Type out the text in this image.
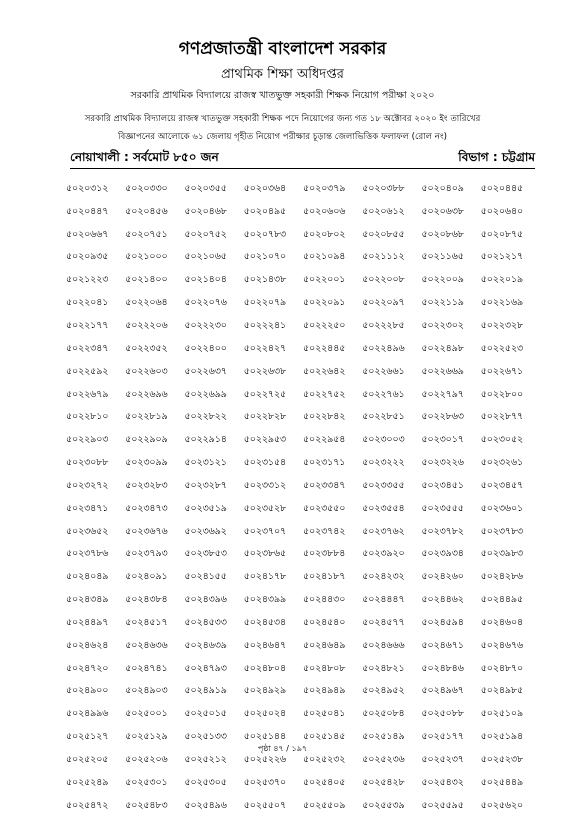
গণপ্রজাতন্ত্রী বাংলাদেশ সরকার
প্রাথমিক শিক্ষা অধিদপ্তর
সরকারি প্রাথমিক বিদ্যালয়ে রাজস্ব খাতভুক্ত সহকারী শিক্ষক নিয়োগ পরীক্ষা ২০২০
সরকারি প্রাথমিক বিদ্যালয়ে রাজস্ব খাতভুক্ত সহকারী শিক্ষক পদে নিয়োগের জন্য গত ১৮ অক্টোবর ২০২০ ইং তারিখের
বিজ্ঞাপনের আলোকে ৬১ জেলায় গৃহীত নিয়োগ পরীক্ষার চূড়ান্ত জেলাভিত্তিক ফলাফল (রোল নং)
নোয়াখালী : সর্বমোট ৮৫০ জন	বিভাগ : চট্টগ্রাম
৫০২০৩১২	৫০২০৩৩০	৫০২০৩৫৫	৫০২০৩৬৪	৫০২০৩৭৯	৫০২০৩৮৮	৫০২০৪০৯	৫০২০৪৪৫
৫০২০৪৪৭	৫০২০৪৫৬	৫০২০৪৬৮	৫০২০৪৯৫	৫০২০৬০৬	৫০২০৬১২	৫০২০৬৩৮	৫০২০৬৪০
৫০২০৬৬৭	৫০২০৭৫১	৫০২০৭৫২	৫০২০৭৮৩	৫০২০৮০২	৫০২০৮৫৫	৫০২০৮৬৮	৫০২০৮৭৫
৫০২০৯৩৫	৫০২১০০০	৫০২১০৬৫	৫০২১০৭০	৫০২১০৯৪	৫০২১১১২	৫০২১১৬৫	৫০২১২১৭
৫০২১২২৩	৫০২১৪০০	৫০২১৪০৪	৫০২১৪৩৮	৫০২২০০১	৫০২২০০৮	৫০২২০০৯	৫০২২০১৯
৫০২২০৪১	৫০২২০৬৪	৫০২২০৭৬	৫০২২০৭৯	৫০২২০৯১	৫০২২০৯৭	৫০২২১১৯	৫০২২১৬৯
৫০২২১৭৭	৫০২২২০৬	৫০২২২৩০	৫০২২২৪১	৫০২২২৫০	৫০২২২৮৫	৫০২২৩০২	৫০২২৩২৮
৫০২২৩৪৭	৫০২২৩৫২	৫০২২৪০০	৫০২২৪২৭	৫০২২৪৪৫	৫০২২৪৯৬	৫০২২৪৯৮	৫০২২৫২৩
৫০২২৫৯২	৫০২২৬০৩	৫০২২৬৩৭	৫০২২৬৩৮	৫০২২৬৪২	৫০২২৬৬১	৫০২২৬৬৯	৫০২২৬৭১
৫০২২৬৭৯	৫০২২৬৯৬	৫০২২৬৯৯	৫০২২৭২৫	৫০২২৭৫২	৫০২২৭৬১	৫০২২৭৯৭	৫০২২৮০০
৫০২২৮১০	৫০২২৮১৯	৫০২২৮২২	৫০২২৮২৮	৫০২২৮৪২	৫০২২৮৫১	৫০২২৮৬৩	৫০২২৮৭৭
৫০২২৯০৩	৫০২২৯০৯	৫০২২৯১৪	৫০২২৯৫৩	৫০২২৯৫৪	৫০২৩০০৩	৫০২৩০১৭	৫০২৩০৫২
৫০২৩০৮৮	৫০২৩০৯৯	৫০২৩১২১	৫০২৩১৫৪	৫০২৩১৭১	৫০২৩২২২	৫০২৩২২৬	৫০২৩২৬১
৫০২৩২৭২	৫০২৩২৮৩	৫০২৩২৮৭	৫০২৩৩১২	৫০২৩৩৪৭	৫০২৩৩৫৫	৫০২৩৪৫১	৫০২৩৪৫৭
৫০২৩৪৭১	৫০২৩৪৭৩	৫০২৩৫১৯	৫০২৩৫২৮	৫০২৩৫৫০	৫০২৩৫৫৪	৫০২৩৫৫৫	৫০২৩৬০১
৫০২৩৬৫২	৫০২৩৬৭৬	৫০২৩৬৯২	৫০২৩৭০৭	৫০২৩৭৪২	৫০২৩৭৬২	৫০২৩৭৮২	৫০২৩৭৮৩
৫০২৩৭৮৬	৫০২৩৭৯৩	৫০২৩৮৫৩	৫০২৩৮৬৫	৫০২৩৮৮৪	৫০২৩৯২০	৫০২৩৯৩৪	৫০২৩৯৮৩
৫০২৪০৪৯	৫০২৪০৯১	৫০২৪১৫৫	৫০২৪১৭৮	৫০২৪১৮৭	৫০২৪২৩২	৫০২৪২৬০	৫০২৪২৮৬
৫০২৪৩৪৯	৫০২৪৩৮৪	৫০২৪৩৯৬	৫০২৪৩৯৯	৫০২৪৪৩০	৫০২৪৪৪৭	৫০২৪৪৬২	৫০২৪৪৯৫
৫০২৪৪৯৭	৫০২৪৫১৭	৫০২৪৫৩৩	৫০২৪৫৩৪	৫০২৪৫৪০	৫০২৪৫৭৭	৫০২৪৫৯৪	৫০২৪৬০৪
৫০২৪৬২৪	৫০২৪৬৩৬	৫০২৪৬৩৯	৫০২৪৬৪৭	৫০২৪৬৪৯	৫০২৪৬৬৬	৫০২৪৬৭১	৫০২৪৬৭৬
৫০২৪৭২০	৫০২৪৭৪১	৫০২৪৭৯৩	৫০২৪৮০৪	৫০২৪৮০৮	৫০২৪৮২১	৫০২৪৮৪৬	৫০২৪৮৭০
৫০২৪৯০০	৫০২৪৯০৩	৫০২৪৯১৯	৫০২৪৯২৯	৫০২৪৯৪৯	৫০২৪৯৫২	৫০২৪৯৬৭	৫০২৪৯৮৫
৫০২৪৯৯৬	৫০২৫০০১	৫০২৫০১৫	৫০২৫০২৪	৫০২৫০৪১	৫০২৫০৮৪	৫০২৫০৮৮	৫০২৫১০৯
৫০২৫১২৭	৫০২৫১২৯	৫০২৫১৩৩	৫০২৫১৪৪	৫০২৫১৪৫	৫০২৫১৪৯	৫০২৫১৭৭	৫০২৫১৯৪
৫০২৫২০৫	৫০২৫২০৬	৫০২৫২১২	৫০২৫২২৬	৫০২৫২৩২	৫০২৫২৩৬	৫০২৫২৩৭	৫০২৫২৩৮
৫০২৫২৪৯	৫০২৫৩০১	৫০২৫৩০৫	৫০২৫৩৭০	৫০২৫৪০৫	৫০২৫৪২৮	৫০২৫৪৩২	৫০২৫৪৪৯
৫০২৫৪৭২	৫০২৫৪৮৩	৫০২৫৪৯৬	৫০২৫৫০৭	৫০২৫৫০৯	৫০২৫৫৩৯	৫০২৫৫৯৫	৫০২৫৬২০
পৃষ্ঠা ৪৭ / ১৯৭
